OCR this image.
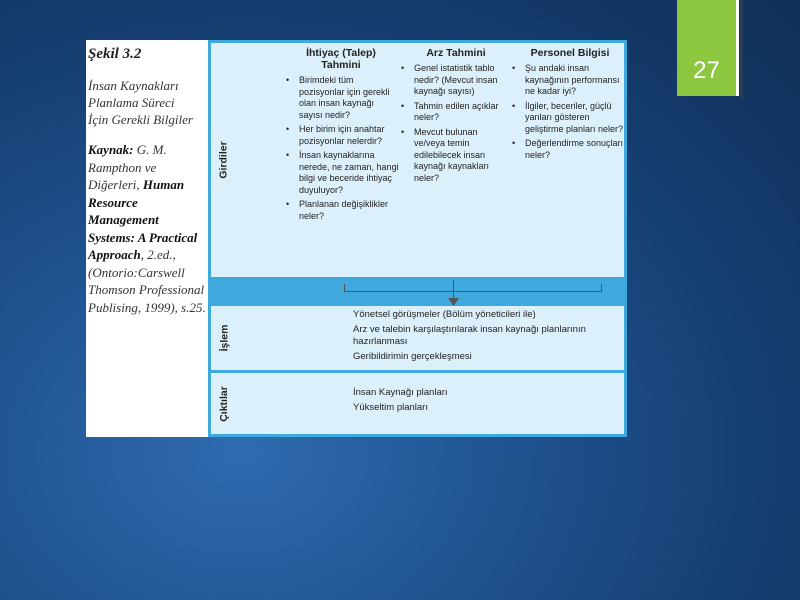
27
Şekil 3.2
İnsan Kaynakları
Planlama Süreci
İçin Gerekli Bilgiler
Kaynak: G. M. Rampthon ve Diğerleri, Human Resource Management Systems: A Practical Approach, 2.ed., (Ontorio:Carswell Thomson Professional Publising, 1999), s.25.
Girdiler
İhtiyaç (Talep) Tahmini
• Birimdeki tüm pozisyonlar için gerekli olan insan kaynağı sayısı nedir?
• Her birim için anahtar pozisyonlar nelerdir?
• İnsan kaynaklarına nerede, ne zaman, hangi bilgi ve beceride ihtiyaç duyuluyor?
• Planlanan değişiklikler neler?
Arz Tahmini
• Genel istatistik tablo nedir? (Mevcut insan kaynağı sayısı)
• Tahmin edilen açıklar neler?
• Mevcut bulunan ve/veya temin edilebilecek insan kaynağı kaynakları neler?
Personel Bilgisi
• Şu andaki insan kaynağının performansı ne kadar iyi?
• İlgiler, beceriler, güçlü yanları gösteren geliştirme planları neler?
• Değerlendirme sonuçları neler?
İşlem
Yönetsel görüşmeler (Bölüm yöneticileri ile)
Arz ve talebin karşılaştırılarak insan kaynağı planlarının hazırlanması
Geribildirimin gerçekleşmesi
Çıktılar	İnsan Kaynağı planları
Yükseltim planları
